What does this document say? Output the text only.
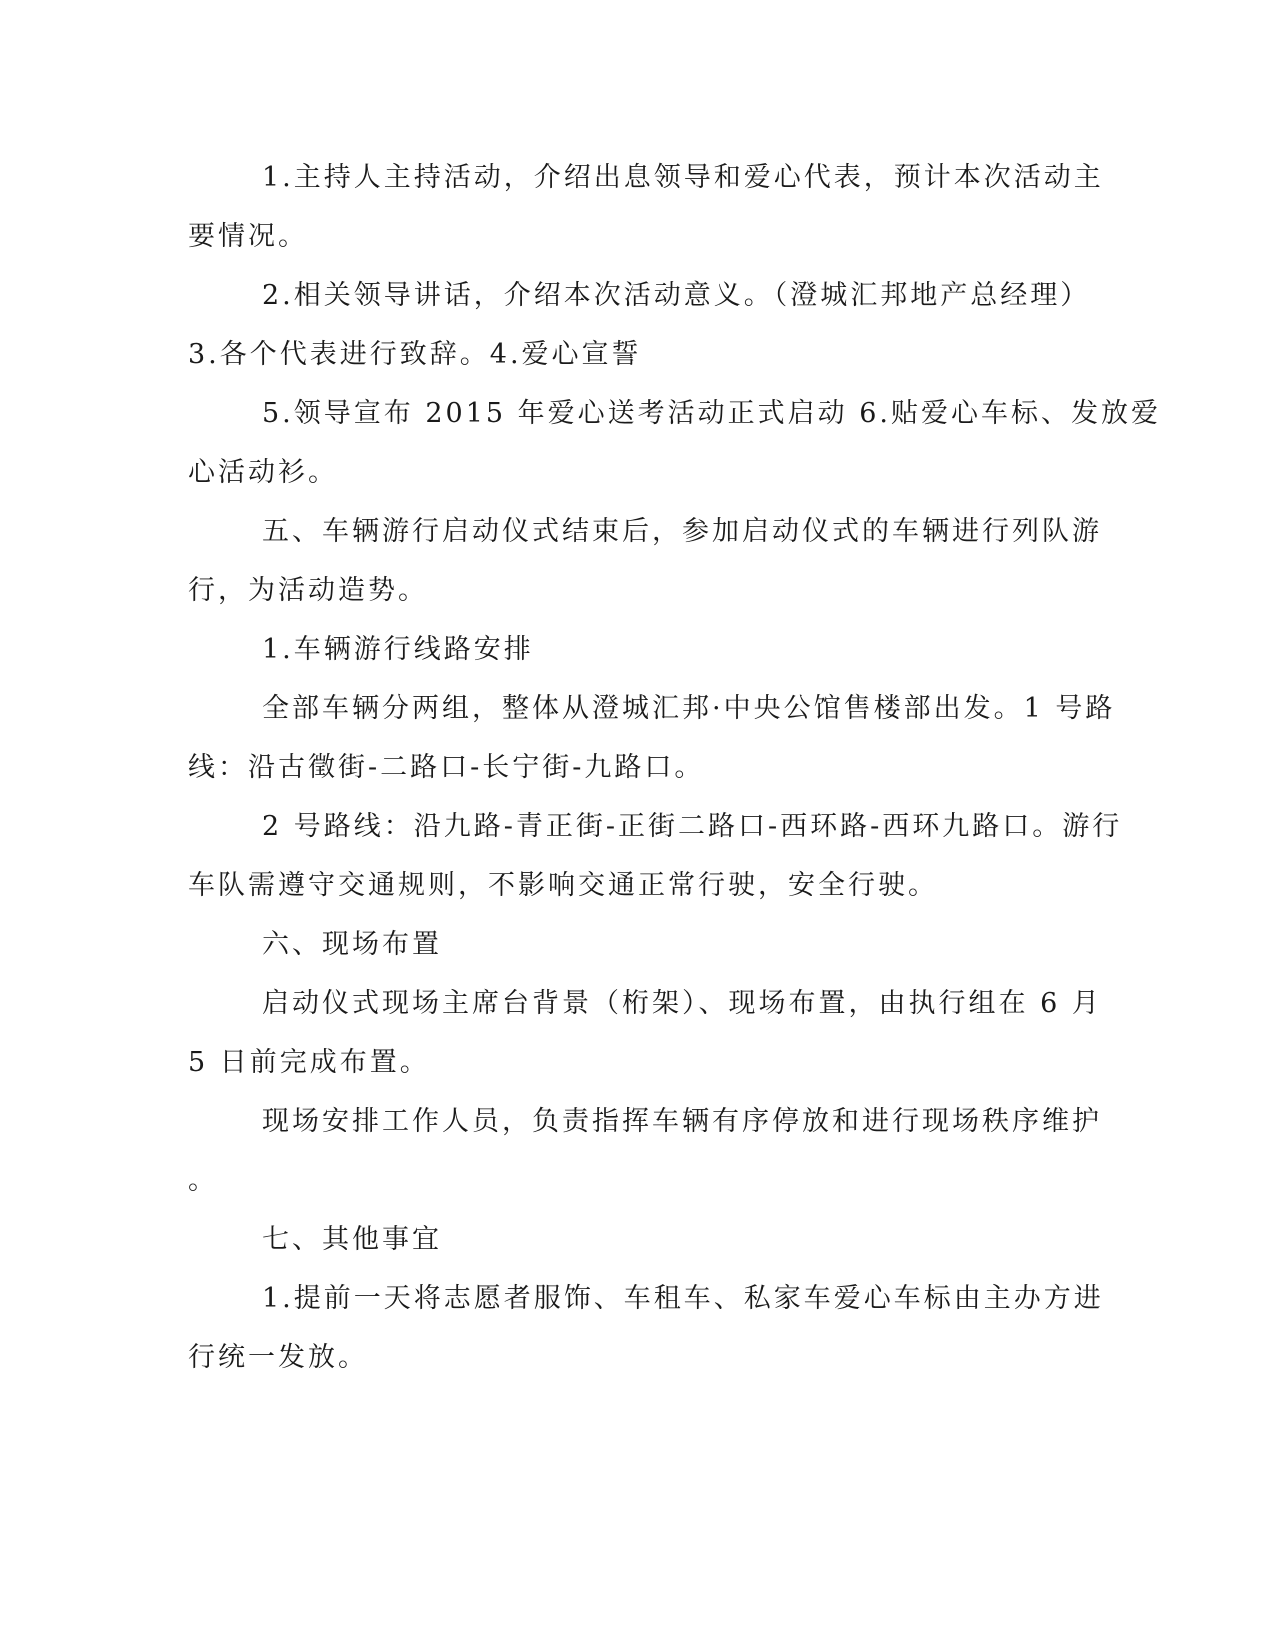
1.主持人主持活动，介绍出息领导和爱心代表，预计本次活动主
要情况。
2.相关领导讲话，介绍本次活动意义。（澄城汇邦地产总经理）
3.各个代表进行致辞。4.爱心宣誓
5.领导宣布 2015 年爱心送考活动正式启动 6.贴爱心车标、发放爱
心活动衫。
五、车辆游行启动仪式结束后，参加启动仪式的车辆进行列队游
行，为活动造势。
1.车辆游行线路安排
全部车辆分两组，整体从澄城汇邦·中央公馆售楼部出发。1 号路
线：沿古徵街-二路口-长宁街-九路口。
2 号路线：沿九路-青正街-正街二路口-西环路-西环九路口。游行
车队需遵守交通规则，不影响交通正常行驶，安全行驶。
六、现场布置
启动仪式现场主席台背景（桁架）、现场布置，由执行组在 6 月
5 日前完成布置。
现场安排工作人员，负责指挥车辆有序停放和进行现场秩序维护
。
七、其他事宜
1.提前一天将志愿者服饰、车租车、私家车爱心车标由主办方进
行统一发放。
